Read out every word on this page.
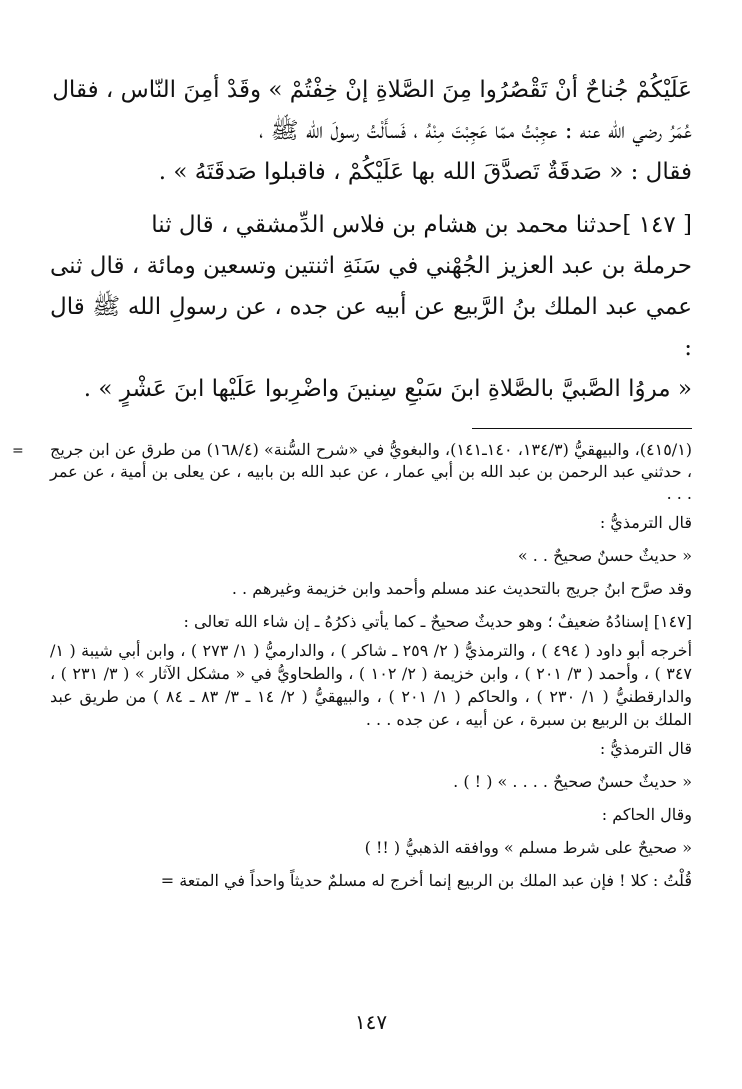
عَلَيْكُمْ جُناحٌ أنْ تَقْصُرُوا مِنَ الصَّلاةِ إنْ خِفْتُمْ » وقَدْ أمِنَ النّاس ، فقال

عُمَرُ رضي الله عنه : عجِبْتُ ممّا عَجِبْتَ مِنْهُ ، فَسأَلْتُ رسولَ الله ﷺ ،

فقال : « صَدقَةٌ تَصدَّقَ الله بها عَلَيْكُمْ ، فاقبلوا صَدقَتَهُ » .

[ ١٤٧ ]حدثنا محمد بن هشام بن فلاس الدِّمشقي ، قال ثنا

حرملة بن عبد العزيز الجُهْني في سَنَةِ اثنتين وتسعين ومائة ، قال ثنى

عمي عبد الملك بنُ الرَّبيع عن أبيه عن جده ، عن رسولِ الله ﷺ قال :

« مروُا الصَّبيَّ بالصَّلاةِ ابنَ سَبْعِ سِنينَ واضْرِبوا عَلَيْها ابنَ عَشْرٍ » .

= (٤١٥/١)، والبيهقيُّ (١٣٤/٣، ١٤٠ـ١٤١)، والبغويُّ في «شرح السُّنة» (١٦٨/٤) من طرق عن ابن جريج ، حدثني عبد الرحمن بن عبد الله بن أبي عمار ، عن عبد الله بن بابيه ، عن يعلى بن أمية ، عن عمر . . .

قال الترمذيُّ :

« حديثٌ حسنٌ صحيحٌ . . »

وقد صرَّح ابنُ جريج بالتحديث عند مسلم وأحمد وابن خزيمة وغيرهم . .

[١٤٧] إسنادُهُ ضعيفٌ ؛ وهو حديثٌ صحيحٌ ـ كما يأتي ذكرُهُ ـ إن شاء الله تعالى :

أخرجه أبو داود ( ٤٩٤ ) ، والترمذيُّ ( ٢/ ٢٥٩ ـ شاكر ) ، والدارميُّ ( ١/ ٢٧٣ ) ، وابن أبي شيبة ( ١/ ٣٤٧ ) ، وأحمد ( ٣/ ٢٠١ ) ، وابن خزيمة ( ٢/ ١٠٢ ) ، والطحاويُّ في « مشكل الآثار » ( ٣/ ٢٣١ ) ، والدارقطنيُّ ( ١/ ٢٣٠ ) ، والحاكم ( ١/ ٢٠١ ) ، والبيهقيُّ ( ٢/ ١٤ ـ ٣/ ٨٣ ـ ٨٤ ) من طريق عبد الملك بن الربيع بن سبرة ، عن أبيه ، عن جده . . .

قال الترمذيُّ :

« حديثٌ حسنٌ صحيحٌ . . . . » ( ! ) .

وقال الحاكم :

« صحيحٌ على شرط مسلم » ووافقه الذهبيُّ ( !! )

قُلْتُ : كلا ! فإن عبد الملك بن الربيع إنما أخرج له مسلمٌ حديثاً واحداً في المتعة =

١٤٧
